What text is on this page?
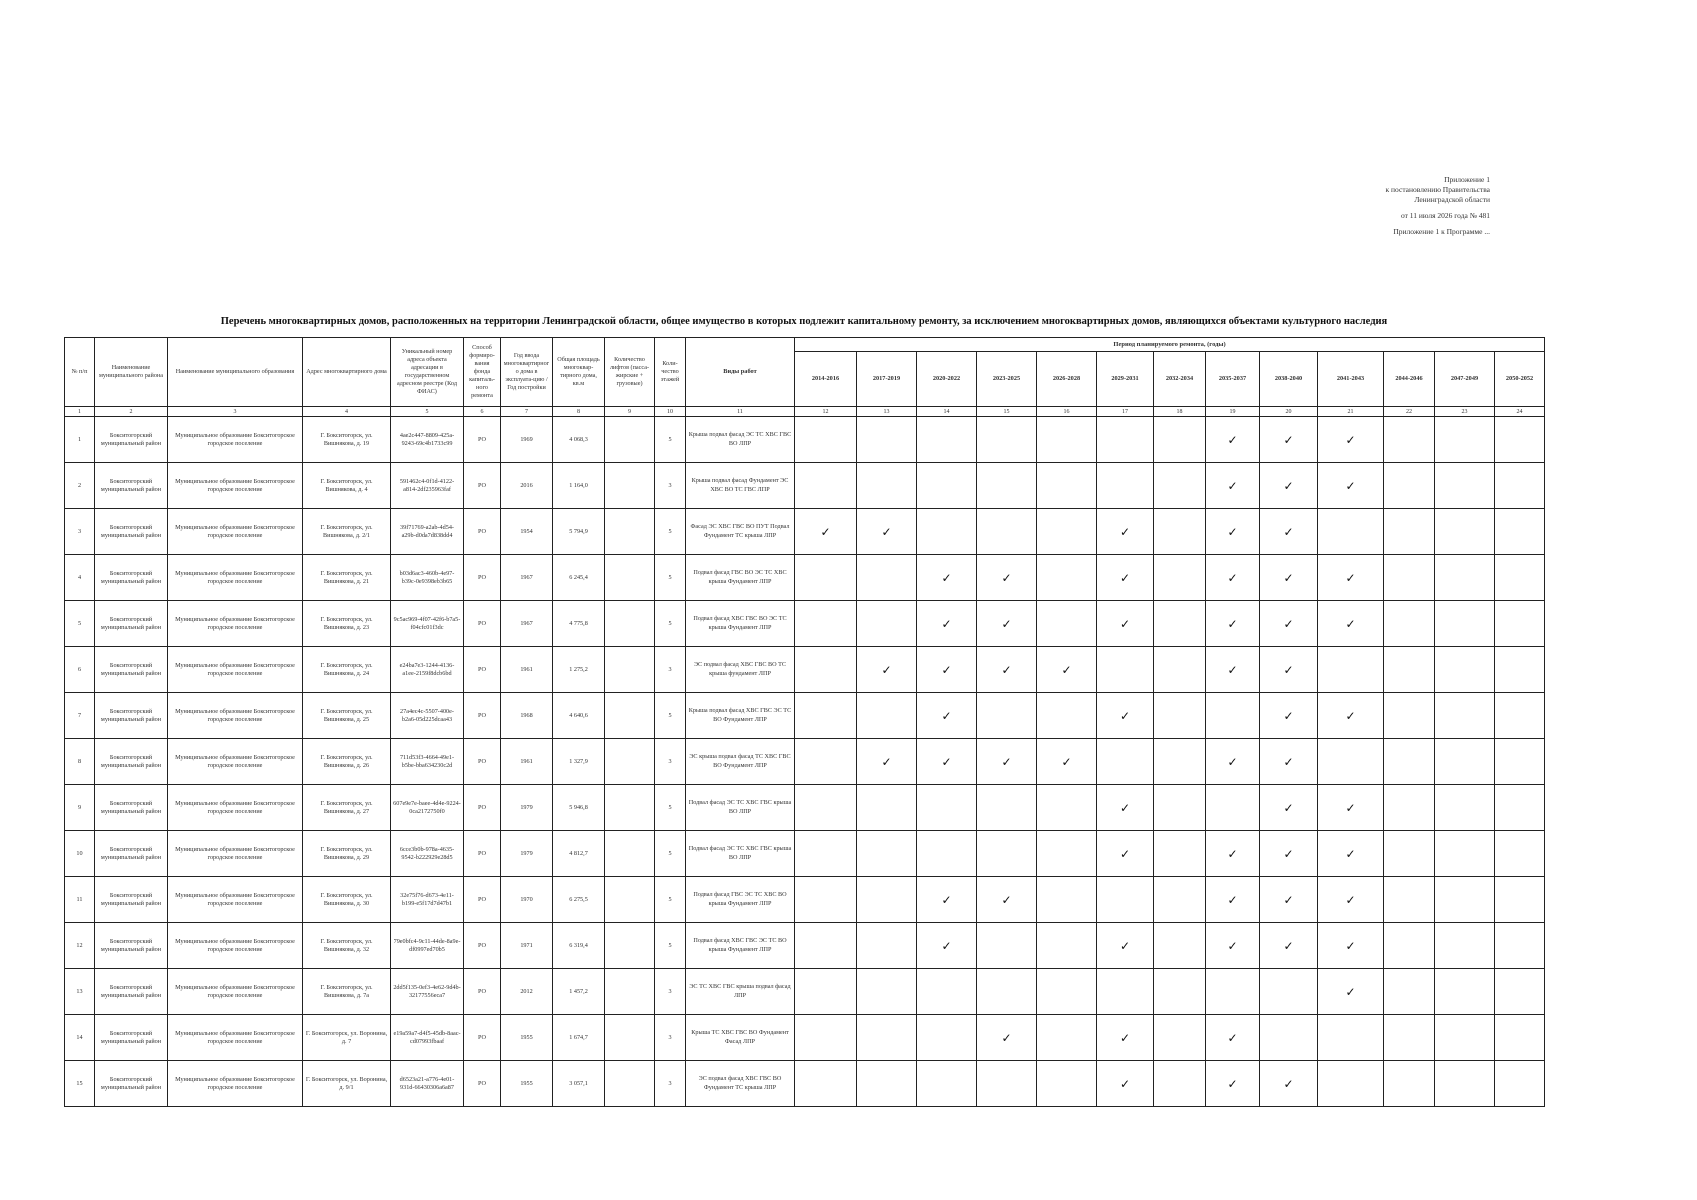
Приложение 1
к постановлению Правительства
Ленинградской области
от 11 июля 2026 года № 481
Приложение 1 к Программе ...
Перечень многоквартирных домов, расположенных на территории Ленинградской области, общее имущество в которых подлежит капитальному ремонту, за исключением многоквартирных домов, являющихся объектами культурного наследия
№ п/п	Наименование муниципального района	Наименование муниципального образования	Адрес многоквартирного дома	Уникальный номер адреса объекта адресации в государственном адресном реестре (Код ФИАС)	Способ формиро-вания фонда капиталь-ного ремонта	Год ввода многоквартирного дома в эксплуата-цию / Год постройки	Общая площадь многоквар-тирного дома, кв.м	Количество лифтов (пасса-жирские + грузовые)	Коли-чество этажей	Виды работ	Период планируемого ремонта, (годы)												
											2014-2016	2017-2019	2020-2022	2023-2025	2026-2028	2029-2031	2032-2034	2035-2037	2038-2040	2041-2043	2044-2046	2047-2049	2050-2052
1	2	3	4	5	6	7	8	9	10	11	12	13	14	15	16	17	18	19	20	21	22	23	24
1	Бокситогорский муниципальный район	Муниципальное образование Бокситогорское городское поселение	Г. Бокситогорск, ул. Вишнякова, д. 19	4ae2c447-8809-425a-9243-69c4b1733c99	РО	1969	4 068,3		5	Крыша подвал фасад ЭС ТС ХВС ГВС ВО ЛПР								✓	✓	✓			
2	Бокситогорский муниципальный район	Муниципальное образование Бокситогорское городское поселение	Г. Бокситогорск, ул. Вишнякова, д. 4	591462c4-0f1d-4122-a814-2df235963faf	РО	2016	1 164,0		3	Крыша подвал фасад Фундамент ЭС ХВС ВО ТС ГВС ЛПР								✓	✓	✓			
3	Бокситогорский муниципальный район	Муниципальное образование Бокситогорское городское поселение	Г. Бокситогорск, ул. Вишнякова, д. 2/1	39f71769-a2ab-4d54-a29b-d0da7d838dd4	РО	1954	5 794,9		5	Фасад ЭС ХВС ГВС ВО ПУТ Подвал Фундамент ТС крыша ЛПР	✓	✓				✓		✓	✓				
4	Бокситогорский муниципальный район	Муниципальное образование Бокситогорское городское поселение	Г. Бокситогорск, ул. Вишнякова, д. 21	b03d6ac3-460b-4e97-b39c-0e9398eb3b65	РО	1967	6 245,4		5	Подвал фасад ГВС ВО ЭС ТС ХВС крыша Фундамент ЛПР			✓	✓		✓		✓	✓	✓			
5	Бокситогорский муниципальный район	Муниципальное образование Бокситогорское городское поселение	Г. Бокситогорск, ул. Вишнякова, д. 23	9c5ac969-4f07-42f6-b7a5-f04cfc01f3dc	РО	1967	4 775,8		5	Подвал фасад ХВС ГВС ВО ЭС ТС крыша Фундамент ЛПР			✓	✓		✓		✓	✓	✓			
6	Бокситогорский муниципальный район	Муниципальное образование Бокситогорское городское поселение	Г. Бокситогорск, ул. Вишнякова, д. 24	e24ba7e3-1244-4136-a1ee-2159f8dcb6bd	РО	1961	1 275,2		3	ЭС подвал фасад ХВС ГВС ВО ТС крыша фундамент ЛПР		✓	✓	✓	✓			✓	✓				
7	Бокситогорский муниципальный район	Муниципальное образование Бокситогорское городское поселение	Г. Бокситогорск, ул. Вишнякова, д. 25	27a4ec4c-5507-400e-b2a6-05d225dcaa43	РО	1968	4 640,6		5	Крыша подвал фасад ХВС ГВС ЭС ТС ВО Фундамент ЛПР			✓			✓			✓	✓			
8	Бокситогорский муниципальный район	Муниципальное образование Бокситогорское городское поселение	Г. Бокситогорск, ул. Вишнякова, д. 26	711d53f3-4664-49e1-b5be-bba634230c2d	РО	1961	1 327,9		3	ЭС крыша подвал фасад ТС ХВС ГВС ВО Фундамент ЛПР		✓	✓	✓	✓			✓	✓				
9	Бокситогорский муниципальный район	Муниципальное образование Бокситогорское городское поселение	Г. Бокситогорск, ул. Вишнякова, д. 27	607e9e7e-baee-4d4e-9224-0ca2172750f0	РО	1979	5 946,8		5	Подвал фасад ЭС ТС ХВС ГВС крыша ВО ЛПР						✓			✓	✓			
10	Бокситогорский муниципальный район	Муниципальное образование Бокситогорское городское поселение	Г. Бокситогорск, ул. Вишнякова, д. 29	6cce3b0b-978a-4635-9542-b222929e28d5	РО	1979	4 812,7		5	Подвал фасад ЭС ТС ХВС ГВС крыша ВО ЛПР						✓		✓	✓	✓			
11	Бокситогорский муниципальный район	Муниципальное образование Бокситогорское городское поселение	Г. Бокситогорск, ул. Вишнякова, д. 30	32e75f76-d673-4e11-b199-e5f17d7d47b1	РО	1970	6 275,5		5	Подвал фасад ГВС ЭС ТС ХВС ВО крыша Фундамент ЛПР			✓	✓				✓	✓	✓			
12	Бокситогорский муниципальный район	Муниципальное образование Бокситогорское городское поселение	Г. Бокситогорск, ул. Вишнякова, д. 32	79e0bfc4-9c11-44de-8a9e-df0997ed70b5	РО	1971	6 319,4		5	Подвал фасад ХВС ГВС ЭС ТС ВО крыша Фундамент ЛПР			✓			✓		✓	✓	✓			
13	Бокситогорский муниципальный район	Муниципальное образование Бокситогорское городское поселение	Г. Бокситогорск, ул. Вишнякова, д. 7а	2dd5f135-0ef3-4e62-9d4b-32177556eca7	РО	2012	1 457,2		3	ЭС ТС ХВС ГВС крыша подвал фасад ЛПР										✓			
14	Бокситогорский муниципальный район	Муниципальное образование Бокситогорское городское поселение	Г. Бокситогорск, ул. Воронина, д. 7	e19a59a7-d4f5-45db-8aac-cd07993fbaaf	РО	1955	1 674,7		3	Крыша ТС ХВС ГВС ВО Фундамент Фасад ЛПР				✓		✓		✓					
15	Бокситогорский муниципальный район	Муниципальное образование Бокситогорское городское поселение	Г. Бокситогорск, ул. Воронина, д. 9/1	d6523a21-a776-4e01-931d-66430306a6a87	РО	1955	3 057,1		3	ЭС подвал фасад ХВС ГВС ВО Фундамент ТС крыша ЛПР						✓		✓	✓				
